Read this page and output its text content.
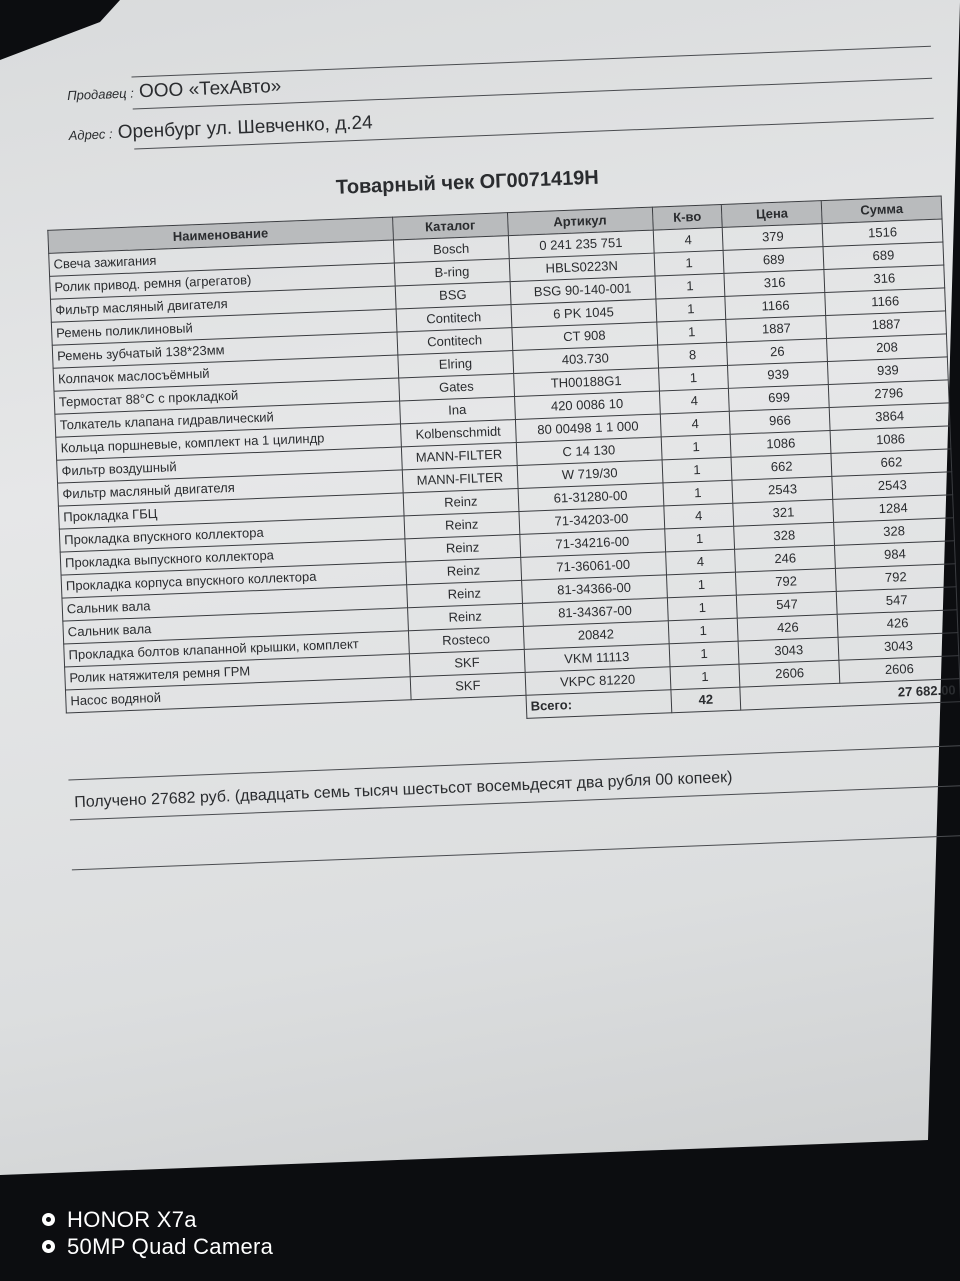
Продавец : ООО «ТехАвто»
Адрес : Оренбург ул. Шевченко, д.24
Товарный чек ОГ0071419Н
Наименование	Каталог	Артикул	К-во	Цена	Сумма
Свеча зажигания	Bosch	0 241 235 751	4	379	1516
Ролик привод. ремня (агрегатов)	B-ring	HBLS0223N	1	689	689
Фильтр масляный двигателя	BSG	BSG 90-140-001	1	316	316
Ремень поликлиновый	Contitech	6 PK 1045	1	1166	1166
Ремень зубчатый 138*23мм	Contitech	CT 908	1	1887	1887
Колпачок маслосъёмный	Elring	403.730	8	26	208
Термостат 88°С с прокладкой	Gates	TH00188G1	1	939	939
Толкатель клапана гидравлический	Ina	420 0086 10	4	699	2796
Кольца поршневые, комплект на 1 цилиндр	Kolbenschmidt	80 00498 1 1 000	4	966	3864
Фильтр воздушный	MANN-FILTER	C 14 130	1	1086	1086
Фильтр масляный двигателя	MANN-FILTER	W 719/30	1	662	662
Прокладка ГБЦ	Reinz	61-31280-00	1	2543	2543
Прокладка впускного коллектора	Reinz	71-34203-00	4	321	1284
Прокладка выпускного коллектора	Reinz	71-34216-00	1	328	328
Прокладка корпуса впускного коллектора	Reinz	71-36061-00	4	246	984
Сальник вала	Reinz	81-34366-00	1	792	792
Сальник вала	Reinz	81-34367-00	1	547	547
Прокладка болтов клапанной крышки, комплект	Rosteco	20842	1	426	426
Ролик натяжителя ремня ГРМ	SKF	VKM 11113	1	3043	3043
Насос водяной	SKF	VKPC 81220	1	2606	2606
		Всего:	42		27 682.00
Получено 27682 руб. (двадцать семь тысяч шестьсот восемьдесят два рубля 00 копеек)
HONOR X7a
50MP Quad Camera
